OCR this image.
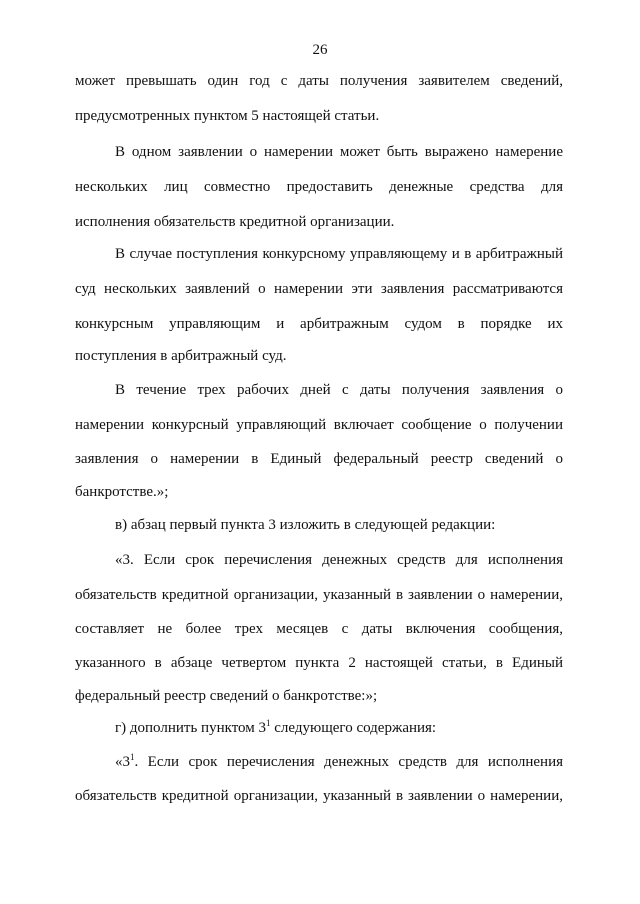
26
может превышать один год с даты получения заявителем сведений,
предусмотренных пунктом 5 настоящей статьи.
В одном заявлении о намерении может быть выражено намерение
нескольких лиц совместно предоставить денежные средства для
исполнения обязательств кредитной организации.
В случае поступления конкурсному управляющему и в арбитражный
суд нескольких заявлений о намерении эти заявления рассматриваются
конкурсным управляющим и арбитражным судом в порядке их
поступления в арбитражный суд.
В течение трех рабочих дней с даты получения заявления о
намерении конкурсный управляющий включает сообщение о получении
заявления о намерении в Единый федеральный реестр сведений о
банкротстве.»;
в) абзац первый пункта 3 изложить в следующей редакции:
«3. Если срок перечисления денежных средств для исполнения
обязательств кредитной организации, указанный в заявлении о намерении,
составляет не более трех месяцев с даты включения сообщения,
указанного в абзаце четвертом пункта 2 настоящей статьи, в Единый
федеральный реестр сведений о банкротстве:»;
г) дополнить пунктом $3^1$ следующего содержания:
«$3^1$. Если срок перечисления денежных средств для исполнения
обязательств кредитной организации, указанный в заявлении о намерении,
